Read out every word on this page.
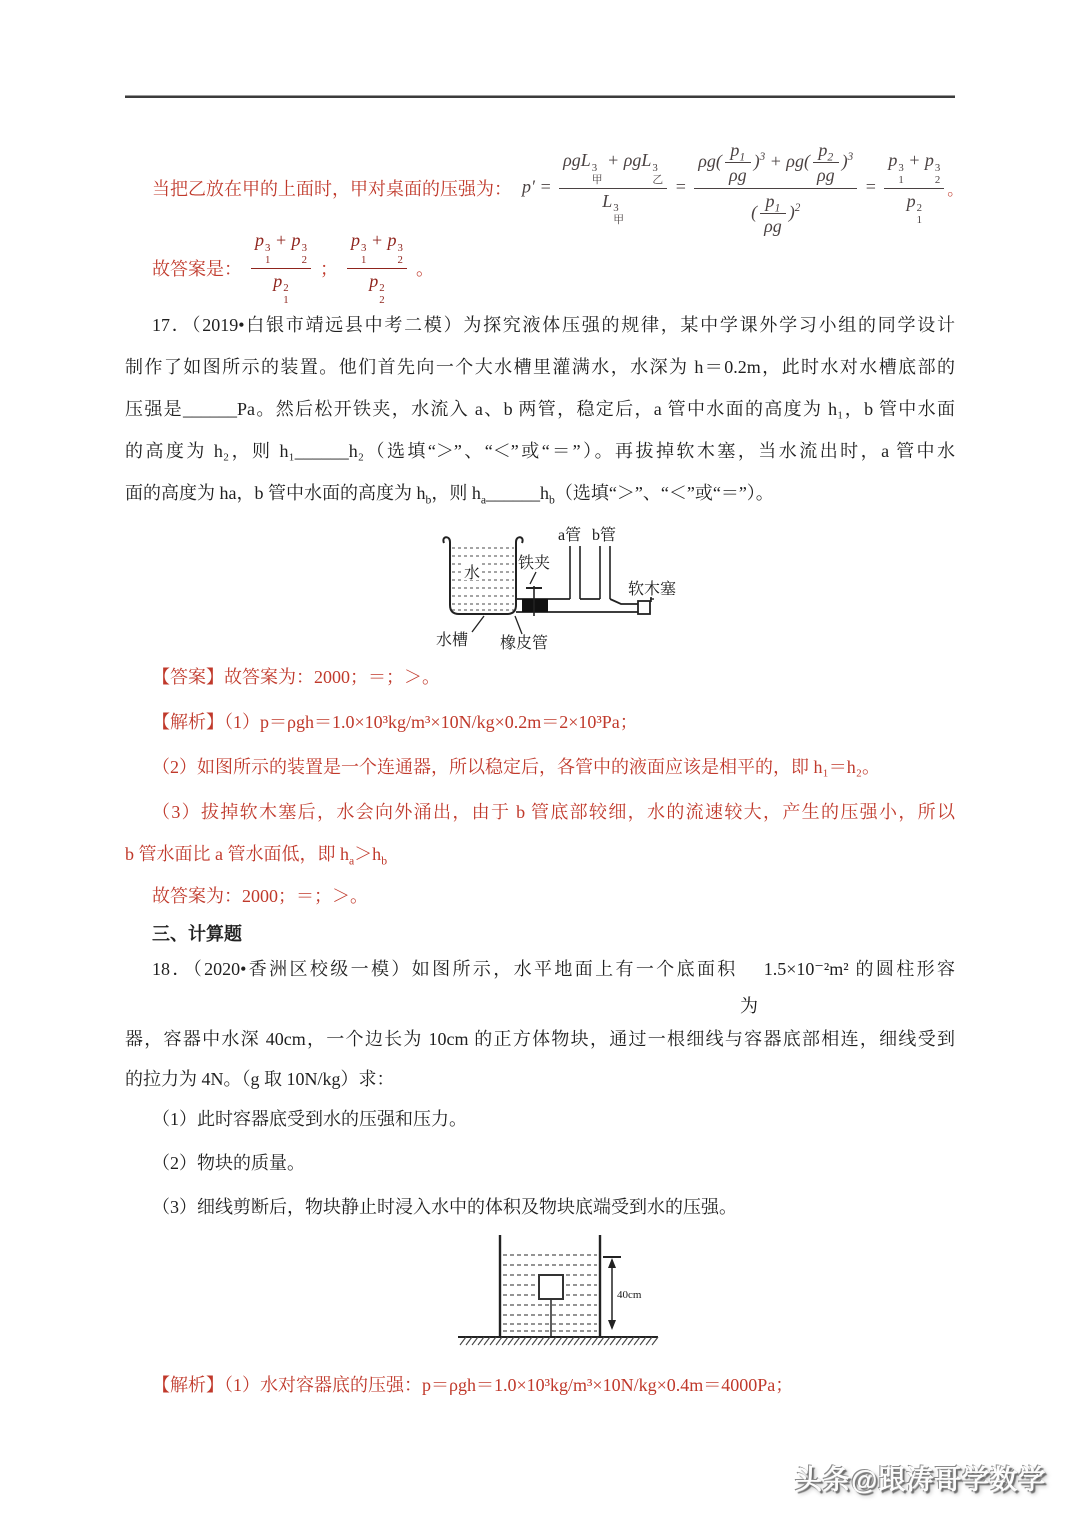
当把乙放在甲的上面时，甲对桌面的压强为： p′ = ρgL 3
甲
+ ρgL 3
乙
L 3
甲 = $\frac{\rho g( \frac{p_1}{\rho g} )^3 + \rho g( \frac{p_2}{\rho g} )^3}{( \frac{p_1}{\rho g} )^2} = p$ 3
1
+ p 3
2
p 2
1 。
故答案是： p 3
1
+ p 3
2
p 2
1 ； p 3
1
+ p 3
2
p 2
2 。
17．（2019•白银市靖远县中考二模）为探究液体压强的规律，某中学课外学习小组的同学设计
制作了如图所示的装置。他们首先向一个大水槽里灌满水，水深为 h＝0.2m，此时水对水槽底部的
压强是______Pa。然后松开铁夹，水流入 a、b 两管，稳定后，a 管中水面的高度为 h₁，b 管中水面
的高度为 h₂，则 h₁______h₂（选填“＞”、“＜”或“＝”）。再拔掉软木塞，当水流出时，a 管中水
面的高度为 ha，b 管中水面的高度为 $h_b$，则 $h_a\_\_\_\_\_\_h_b$（选填“＞”、“＜”或“＝”）。
水
a管 b管
铁夹
软木塞
水槽 橡皮管
【答案】故答案为：2000；＝；＞。
【解析】（1）p＝ρgh＝1.0×10³kg/m³×10N/kg×0.2m＝2×10³Pa；
（2）如图所示的装置是一个连通器，所以稳定后，各管中的液面应该是相平的，即 h₁＝h₂。
（3）拔掉软木塞后，水会向外涌出，由于 b 管底部较细，水的流速较大，产生的压强小，所以
b 管水面比 a 管水面低，即 $h_a>h_b$
故答案为：2000；＝；＞。
三、计算题
18．（2020•香洲区校级一模）如图所示，水平地面上有一个底面积 1.5×10⁻²m² 的圆柱形容
为
器，容器中水深 40cm，一个边长为 10cm 的正方体物块，通过一根细线与容器底部相连，细线受到
的拉力为 4N。（g 取 10N/kg）求：
（1）此时容器底受到水的压强和压力。
（2）物块的质量。
（3）细线剪断后，物块静止时浸入水中的体积及物块底端受到水的压强。
40cm
【解析】（1）水对容器底的压强：p＝ρgh＝1.0×10³kg/m³×10N/kg×0.4m＝4000Pa；
头条@跟涛哥学数学
